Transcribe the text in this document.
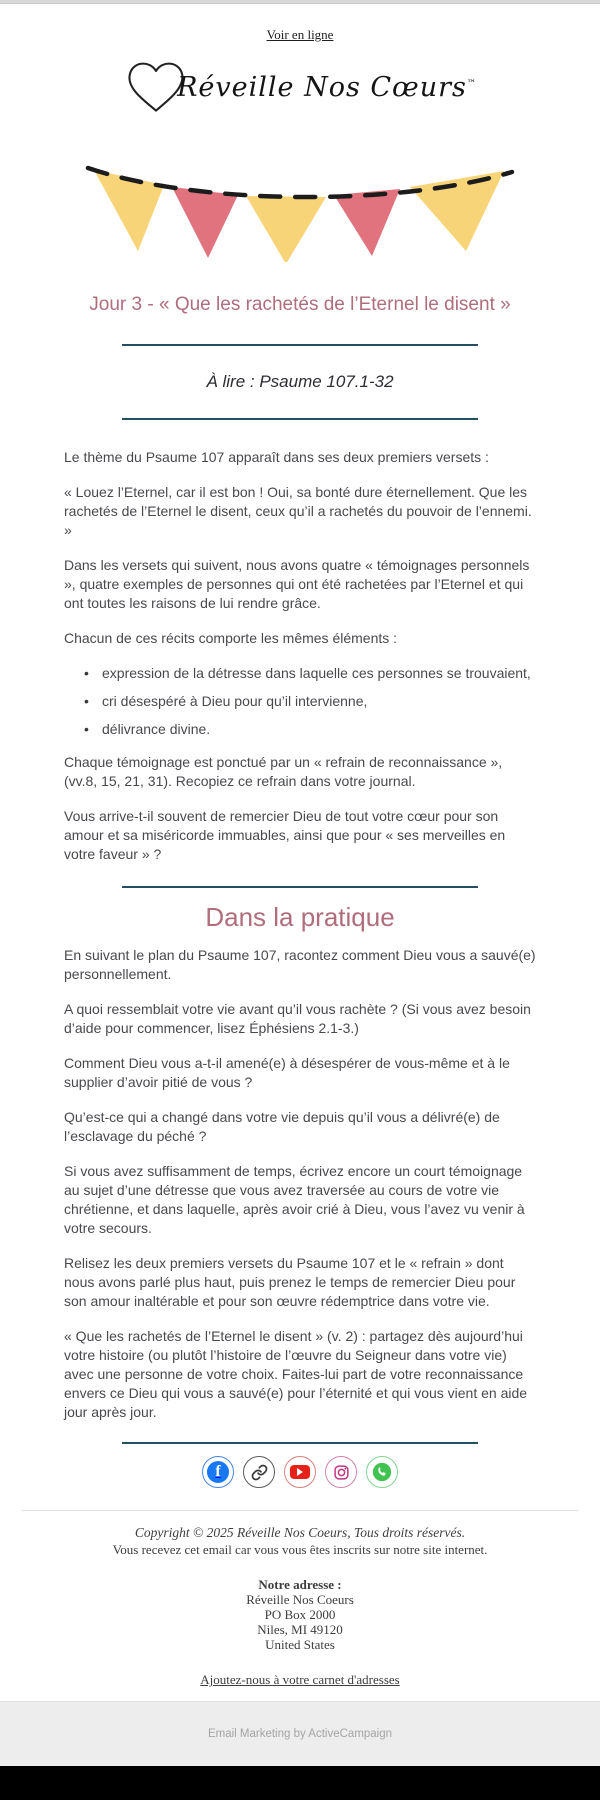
Voir en ligne
Réveille Nos Cœurs™
Jour 3 - « Que les rachetés de l’Eternel le disent »

À lire : Psaume 107.1-32

Le thème du Psaume 107 apparaît dans ses deux premiers versets :

« Louez l’Eternel, car il est bon ! Oui, sa bonté dure éternellement. Que les rachetés de l’Eternel le disent, ceux qu’il a rachetés du pouvoir de l’ennemi. »

Dans les versets qui suivent, nous avons quatre « témoignages personnels », quatre exemples de personnes qui ont été rachetées par l’Eternel et qui ont toutes les raisons de lui rendre grâce.

Chacun de ces récits comporte les mêmes éléments :

• expression de la détresse dans laquelle ces personnes se trouvaient,
• cri désespéré à Dieu pour qu’il intervienne,
• délivrance divine.

Chaque témoignage est ponctué par un « refrain de reconnaissance », (vv.8, 15, 21, 31). Recopiez ce refrain dans votre journal.

Vous arrive-t-il souvent de remercier Dieu de tout votre cœur pour son amour et sa miséricorde immuables, ainsi que pour « ses merveilles en votre faveur » ?

Dans la pratique

En suivant le plan du Psaume 107, racontez comment Dieu vous a sauvé(e) personnellement.

A quoi ressemblait votre vie avant qu’il vous rachète ? (Si vous avez besoin d’aide pour commencer, lisez Éphésiens 2.1-3.)

Comment Dieu vous a-t-il amené(e) à désespérer de vous-même et à le supplier d’avoir pitié de vous ?

Qu’est-ce qui a changé dans votre vie depuis qu’il vous a délivré(e) de l’esclavage du péché ?

Si vous avez suffisamment de temps, écrivez encore un court témoignage au sujet d’une détresse que vous avez traversée au cours de votre vie chrétienne, et dans laquelle, après avoir crié à Dieu, vous l’avez vu venir à votre secours.

Relisez les deux premiers versets du Psaume 107 et le « refrain » dont nous avons parlé plus haut, puis prenez le temps de remercier Dieu pour son amour inaltérable et pour son œuvre rédemptrice dans votre vie.

« Que les rachetés de l’Eternel le disent » (v. 2) : partagez dès aujourd’hui votre histoire (ou plutôt l’histoire de l’œuvre du Seigneur dans votre vie) avec une personne de votre choix. Faites-lui part de votre reconnaissance envers ce Dieu qui vous a sauvé(e) pour l’éternité et qui vous vient en aide jour après jour.

f

Copyright © 2025 Réveille Nos Coeurs, Tous droits réservés.

Vous recevez cet email car vous vous êtes inscrits sur notre site internet.

Notre adresse :

Réveille Nos Coeurs

PO Box 2000

Niles, MI 49120

United States

Ajoutez-nous à votre carnet d'adresses
Email Marketing by ActiveCampaign
